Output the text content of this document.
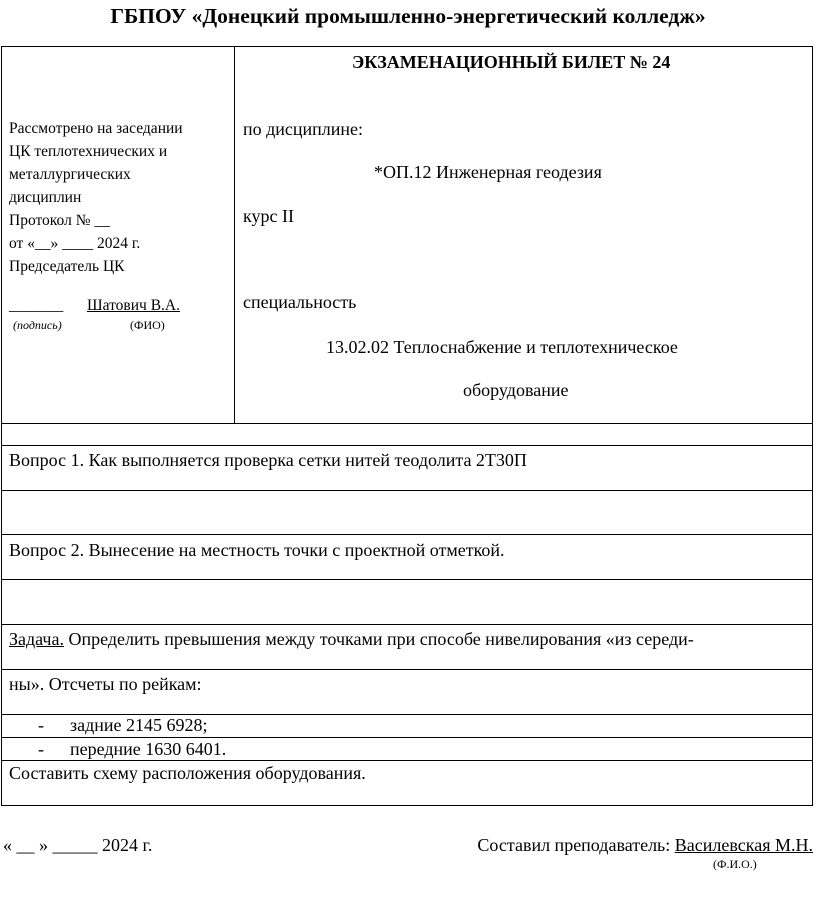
ГБПОУ «Донецкий промышленно-энергетический колледж»
Рассмотрено на заседании
ЦК теплотехнических и
металлургических
дисциплин
Протокол № __
от «__» ____ 2024 г.
Председатель ЦК
_______ Шатович В.А.
(подпись)	(ФИО)
ЭКЗАМЕНАЦИОННЫЙ БИЛЕТ № 24
по дисциплине:
*ОП.12 Инженерная геодезия
курс II
специальность
13.02.02 Теплоснабжение и теплотехническое
оборудование
Вопрос 1. Как выполняется проверка сетки нитей теодолита 2Т30П
Вопрос 2. Вынесение на местность точки с проектной отметкой.
Задача. Определить превышения между точками при способе нивелирования «из середи-
ны». Отсчеты по рейкам:
- задние 2145 6928;
- передние 1630 6401.
Составить схему расположения оборудования.
« __ » _____ 2024 г.	Составил преподаватель: Василевская М.Н.
(Ф.И.О.)
